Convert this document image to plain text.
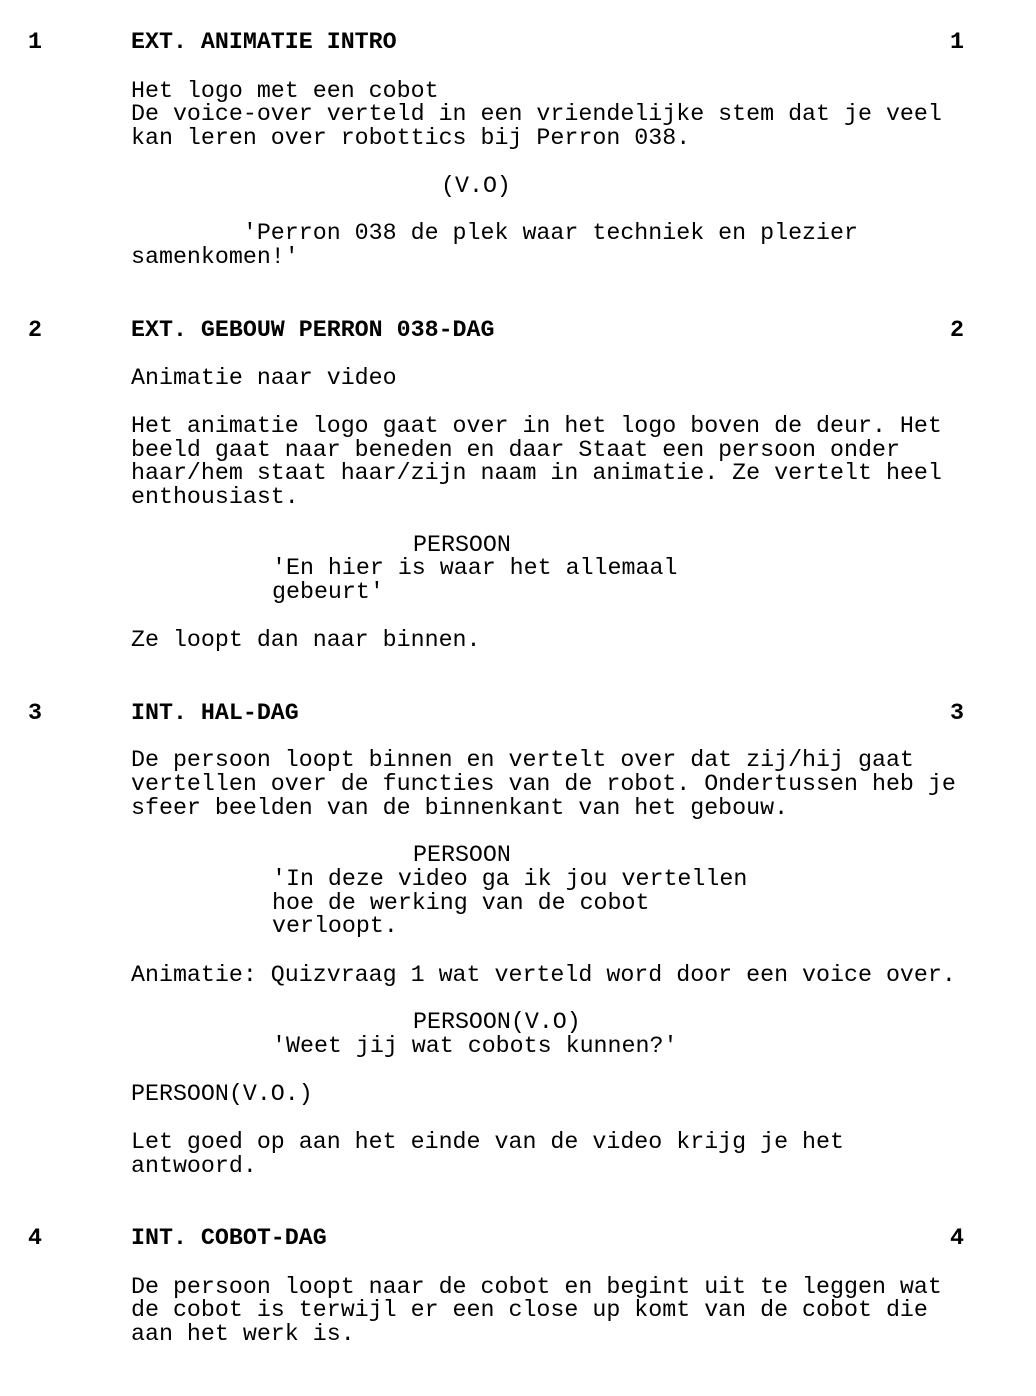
1	EXT. ANIMATIE INTRO	1
Het logo met een cobot
De voice-over verteld in een vriendelijke stem dat je veel
kan leren over robottics bij Perron 038.
(V.O)
'Perron 038 de plek waar techniek en plezier
samenkomen!'
2	EXT. GEBOUW PERRON 038-DAG	2
Animatie naar video
Het animatie logo gaat over in het logo boven de deur. Het
beeld gaat naar beneden en daar Staat een persoon onder
haar/hem staat haar/zijn naam in animatie. Ze vertelt heel
enthousiast.
PERSOON
'En hier is waar het allemaal
gebeurt'
Ze loopt dan naar binnen.
3	INT. HAL-DAG	3
De persoon loopt binnen en vertelt over dat zij/hij gaat
vertellen over de functies van de robot. Ondertussen heb je
sfeer beelden van de binnenkant van het gebouw.
PERSOON
'In deze video ga ik jou vertellen
hoe de werking van de cobot
verloopt.
Animatie: Quizvraag 1 wat verteld word door een voice over.
PERSOON(V.O)
'Weet jij wat cobots kunnen?'
PERSOON(V.O.)
Let goed op aan het einde van de video krijg je het
antwoord.
4	INT. COBOT-DAG	4
De persoon loopt naar de cobot en begint uit te leggen wat
de cobot is terwijl er een close up komt van de cobot die
aan het werk is.
